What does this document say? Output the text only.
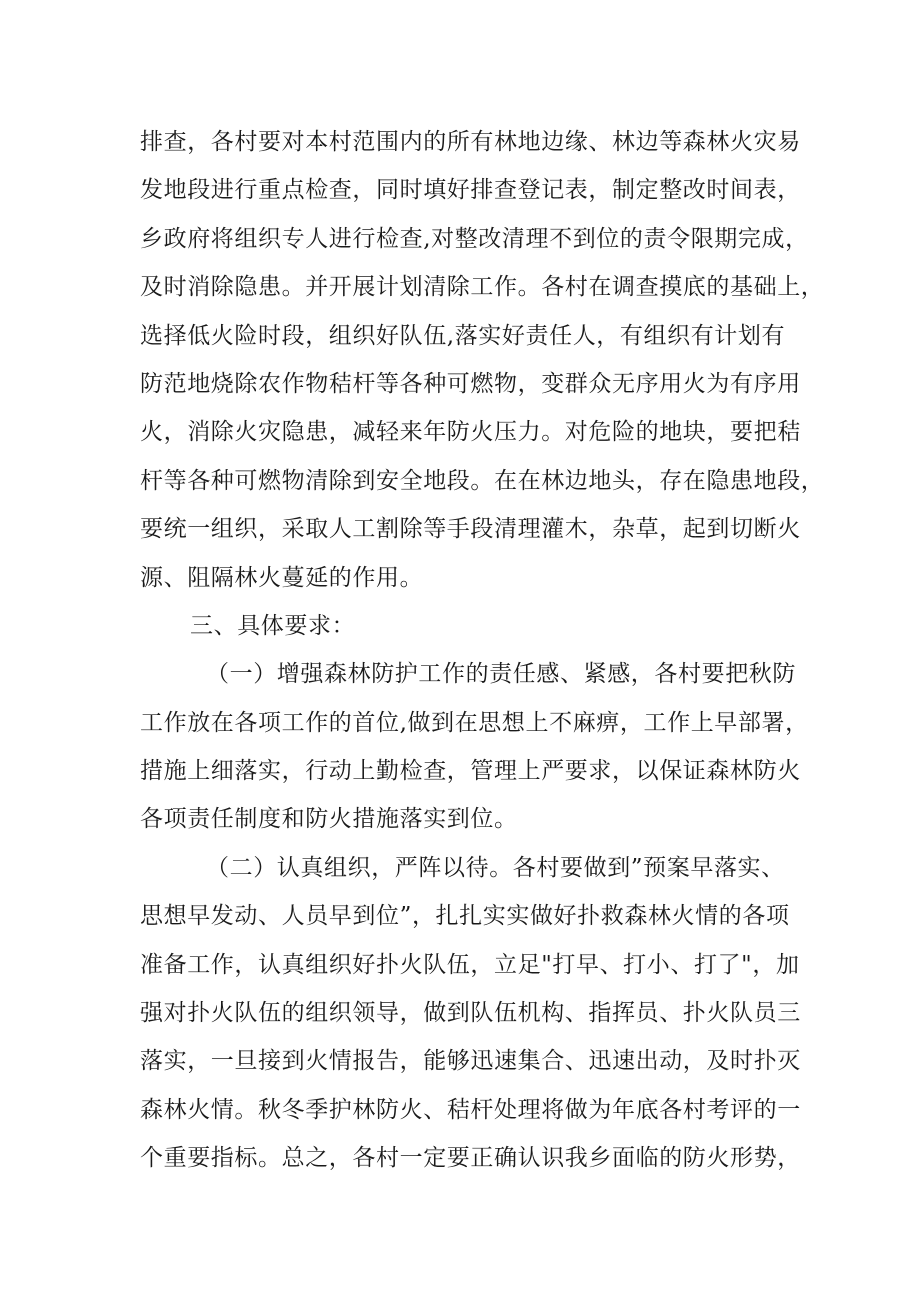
排查，各村要对本村范围内的所有林地边缘、林边等森林火灾易
发地段进行重点检查，同时填好排查登记表，制定整改时间表，
乡政府将组织专人进行检查,对整改清理不到位的责令限期完成，
及时消除隐患。并开展计划清除工作。各村在调查摸底的基础上，
选择低火险时段，组织好队伍,落实好责任人，有组织有计划有
防范地烧除农作物秸杆等各种可燃物，变群众无序用火为有序用
火，消除火灾隐患，减轻来年防火压力。对危险的地块，要把秸
杆等各种可燃物清除到安全地段。在在林边地头，存在隐患地段，
要统一组织，采取人工割除等手段清理灌木，杂草，起到切断火
源、阻隔林火蔓延的作用。
三、具体要求：
（一）增强森林防护工作的责任感、紧感，各村要把秋防
工作放在各项工作的首位,做到在思想上不麻痹，工作上早部署，
措施上细落实，行动上勤检查，管理上严要求，以保证森林防火
各项责任制度和防火措施落实到位。
（二）认真组织，严阵以待。各村要做到”预案早落实、
思想早发动、人员早到位”，扎扎实实做好扑救森林火情的各项
准备工作，认真组织好扑火队伍，立足"打早、打小、打了"，加
强对扑火队伍的组织领导，做到队伍机构、指挥员、扑火队员三
落实，一旦接到火情报告，能够迅速集合、迅速出动，及时扑灭
森林火情。秋冬季护林防火、秸杆处理将做为年底各村考评的一
个重要指标。总之，各村一定要正确认识我乡面临的防火形势，
